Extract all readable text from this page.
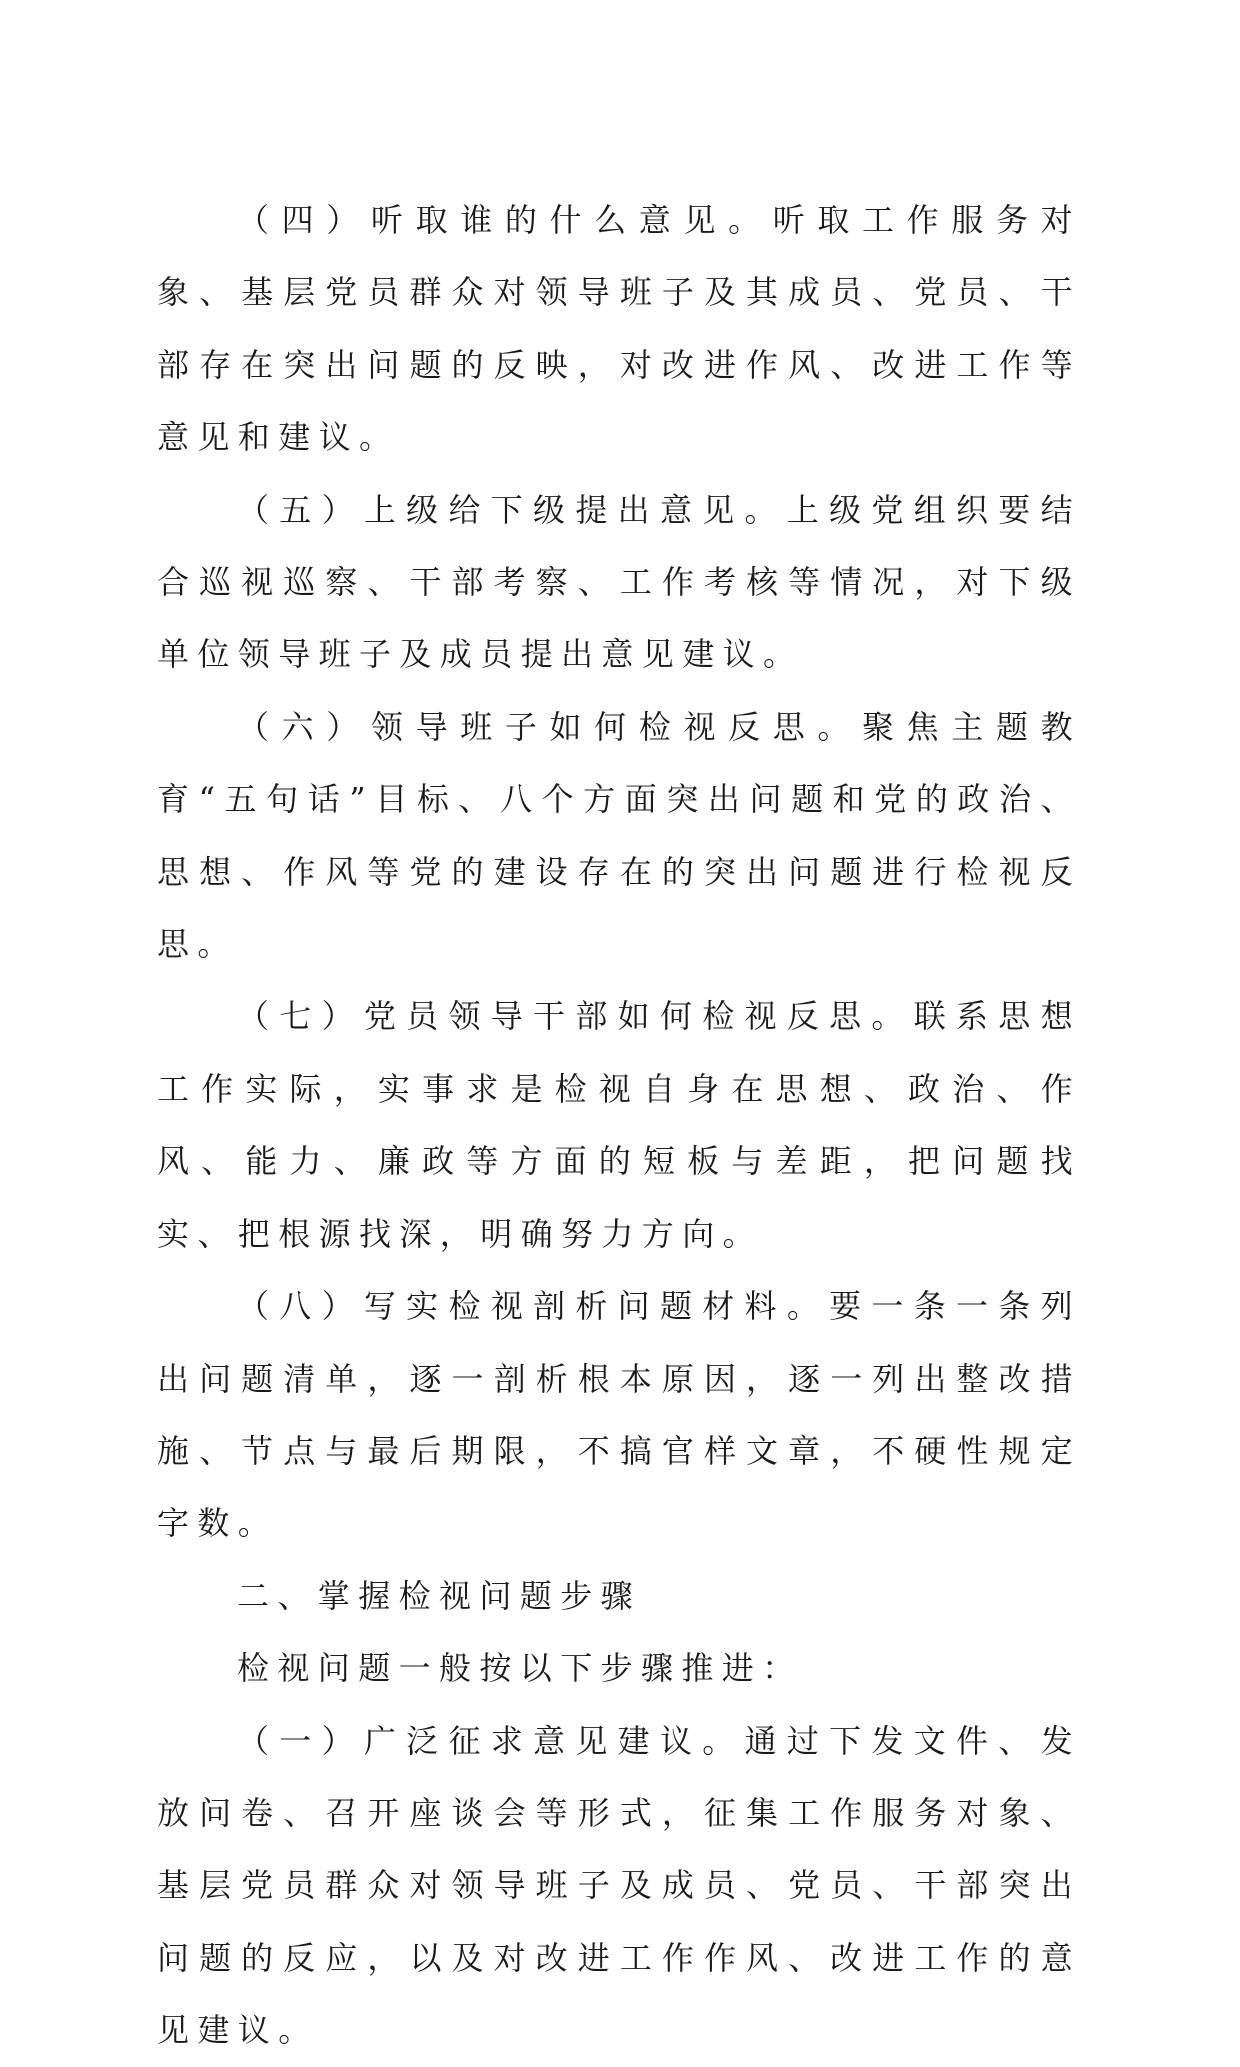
（四）听取谁的什么意见。听取工作服务对象、基层党员群众对领导班子及其成员、党员、干部存在突出问题的反映，对改进作风、改进工作等意见和建议。

（五）上级给下级提出意见。上级党组织要结合巡视巡察、干部考察、工作考核等情况，对下级单位领导班子及成员提出意见建议。

（六）领导班子如何检视反思。聚焦主题教育“五句话”目标、八个方面突出问题和党的政治、思想、作风等党的建设存在的突出问题进行检视反思。

（七）党员领导干部如何检视反思。联系思想工作实际，实事求是检视自身在思想、政治、作风、能力、廉政等方面的短板与差距，把问题找实、把根源找深，明确努力方向。

（八）写实检视剖析问题材料。要一条一条列出问题清单，逐一剖析根本原因，逐一列出整改措施、节点与最后期限，不搞官样文章，不硬性规定字数。

二、掌握检视问题步骤

检视问题一般按以下步骤推进：

（一）广泛征求意见建议。通过下发文件、发放问卷、召开座谈会等形式，征集工作服务对象、基层党员群众对领导班子及成员、党员、干部突出问题的反应，以及对改进工作作风、改进工作的意见建议。
